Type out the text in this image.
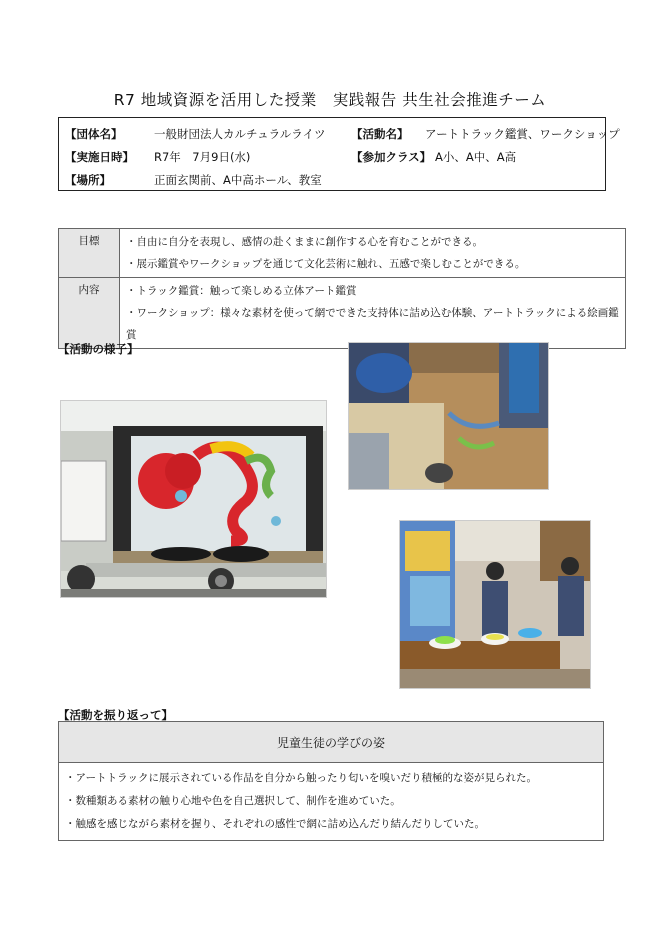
R7 地域資源を活用した授業　実践報告 共生社会推進チーム
【団体名】	一般財団法人カルチュラルライツ 【活動名】 アートトラック鑑賞、ワークショップ
【実施日時】 R7年　7月9日(水)	【参加クラス】 A小、A中、A高
【場所】	正面玄関前、A中高ホール、教室
目標	・自由に自分を表現し、感情の赴くままに創作する心を育むことができる。
・展示鑑賞やワークショップを通じて文化芸術に触れ、五感で楽しむことができる。

内容	・トラック鑑賞：触って楽しめる立体アート鑑賞
・ワークショップ：様々な素材を使って網でできた支持体に詰め込む体験、アートトラックによる絵画鑑賞
【活動の様子】
【活動を振り返って】
児童生徒の学びの姿
・アートトラックに展示されている作品を自分から触ったり匂いを嗅いだり積極的な姿が見られた。
・数種類ある素材の触り心地や色を自己選択して、制作を進めていた。
・触感を感じながら素材を握り、それぞれの感性で網に詰め込んだり結んだりしていた。
